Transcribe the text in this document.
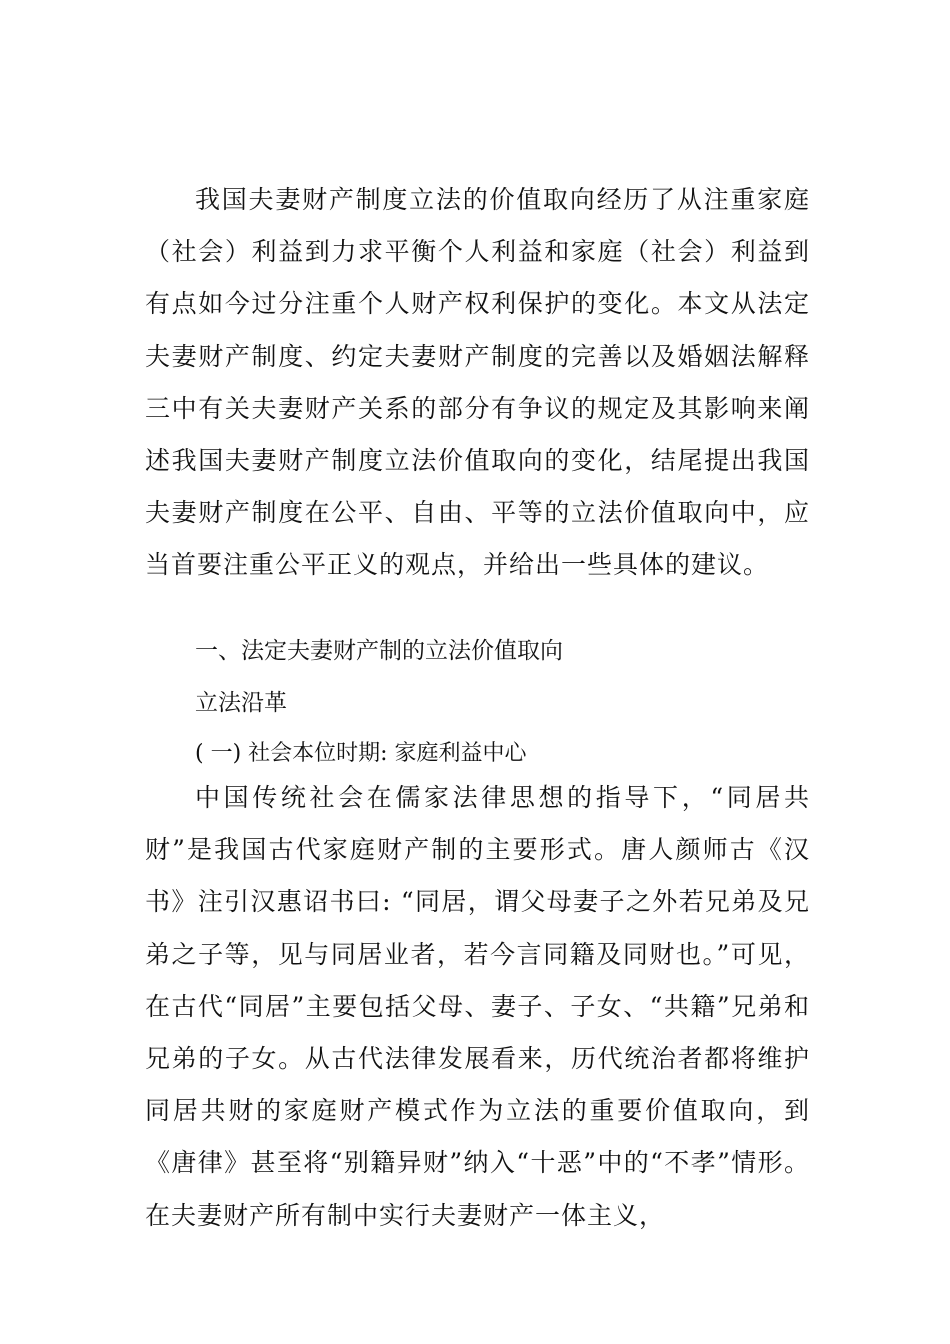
我国夫妻财产制度立法的价值取向经历了从注重家庭（社会）利益到力求平衡个人利益和家庭（社会）利益到有点如今过分注重个人财产权利保护的变化。本文从法定夫妻财产制度、约定夫妻财产制度的完善以及婚姻法解释三中有关夫妻财产关系的部分有争议的规定及其影响来阐述我国夫妻财产制度立法价值取向的变化，结尾提出我国夫妻财产制度在公平、自由、平等的立法价值取向中，应当首要注重公平正义的观点，并给出一些具体的建议。

一、法定夫妻财产制的立法价值取向
立法沿革
( 一) 社会本位时期: 家庭利益中心

中国传统社会在儒家法律思想的指导下，“同居共财”是我国古代家庭财产制的主要形式。唐人颜师古《汉书》注引汉惠诏书曰: “同居，谓父母妻子之外若兄弟及兄弟之子等，见与同居业者，若今言同籍及同财也。”可见，在古代“同居”主要包括父母、妻子、子女、“共籍”兄弟和兄弟的子女。从古代法律发展看来，历代统治者都将维护同居共财的家庭财产模式作为立法的重要价值取向，到《唐律》甚至将“别籍异财”纳入“十恶”中的“不孝”情形。在夫妻财产所有制中实行夫妻财产一体主义，
